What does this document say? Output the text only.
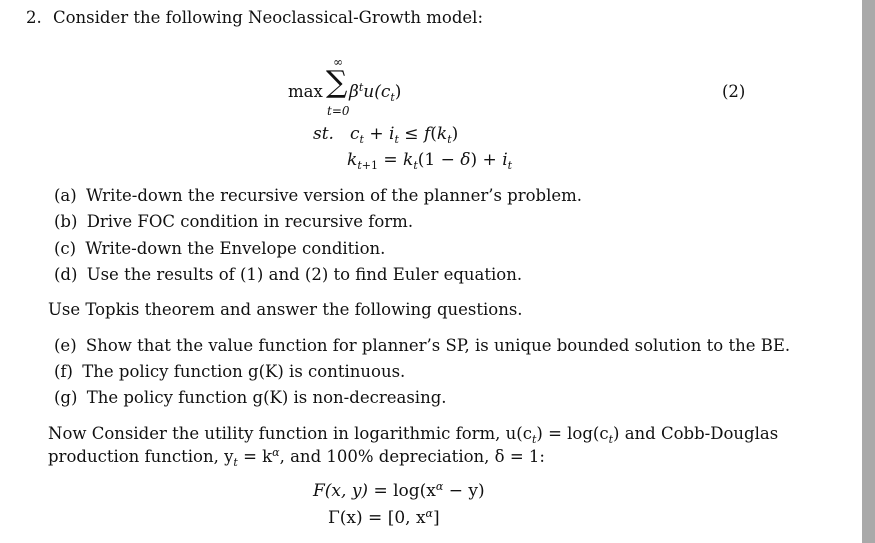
2. Consider the following Neoclassical-Growth model:
max
∞
∑
t=0
$\beta^tu(c_t)$	(2)
st. $c_t + i_t \le f(k_t)$
$k_{t+1} = k_t(1 - \delta) + i_t$
(a) Write-down the recursive version of the planner’s problem.
(b) Drive FOC condition in recursive form.
(c) Write-down the Envelope condition.
(d) Use the results of (1) and (2) to find Euler equation.
Use Topkis theorem and answer the following questions.
(e) Show that the value function for planner’s SP, is unique bounded solution to the BE.
(f) The policy function g(K) is continuous.
(g) The policy function g(K) is non-decreasing.
Now Consider the utility function in logarithmic form, $u(c_t) = \log(c_t)$ and Cobb-Douglas
production function, $y_t = k^\alpha$, and 100% depreciation, δ = 1:
F(x, $y) = \log(x^\alpha - y)$
Γ(x) = [0, $x^\alpha$]
